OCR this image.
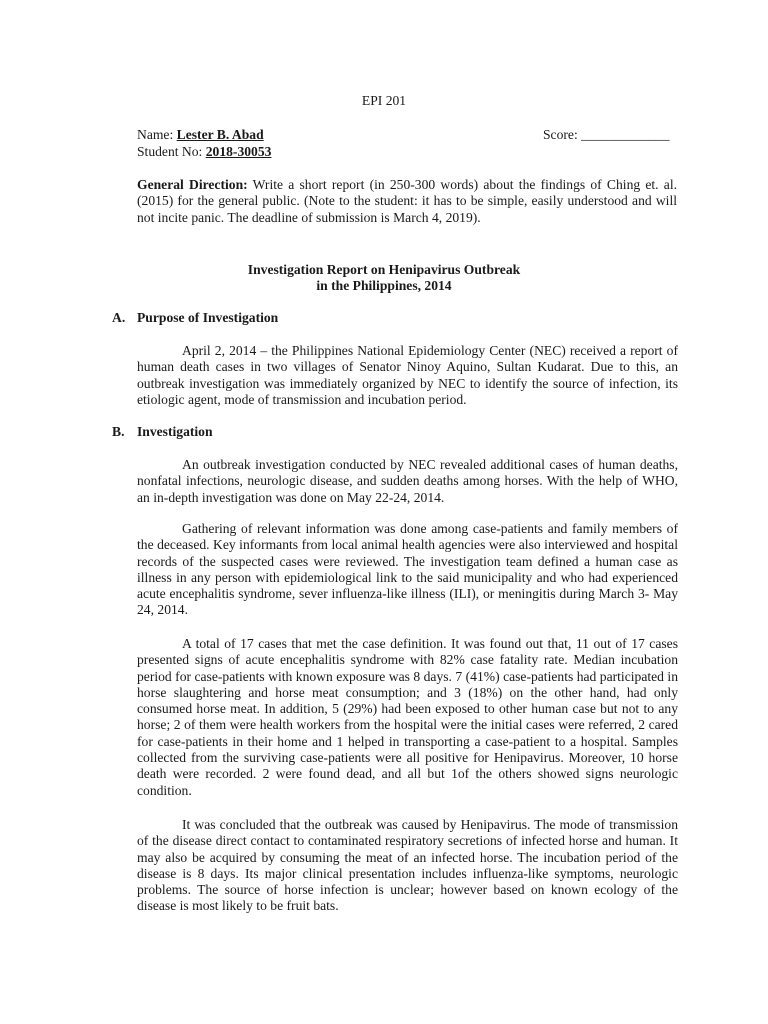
EPI 201
Name: Lester B. Abad	Score: _____________
Student No: 2018-30053
General Direction: Write a short report (in 250-300 words) about the findings of Ching et. al. (2015) for the general public. (Note to the student: it has to be simple, easily understood and will not incite panic. The deadline of submission is March 4, 2019).
Investigation Report on Henipavirus Outbreak
in the Philippines, 2014
A. Purpose of Investigation
April 2, 2014 – the Philippines National Epidemiology Center (NEC) received a report of human death cases in two villages of Senator Ninoy Aquino, Sultan Kudarat. Due to this, an outbreak investigation was immediately organized by NEC to identify the source of infection, its etiologic agent, mode of transmission and incubation period.
B. Investigation
An outbreak investigation conducted by NEC revealed additional cases of human deaths, nonfatal infections, neurologic disease, and sudden deaths among horses. With the help of WHO, an in-depth investigation was done on May 22-24, 2014.
Gathering of relevant information was done among case-patients and family members of the deceased. Key informants from local animal health agencies were also interviewed and hospital records of the suspected cases were reviewed. The investigation team defined a human case as illness in any person with epidemiological link to the said municipality and who had experienced acute encephalitis syndrome, sever influenza-like illness (ILI), or meningitis during March 3- May 24, 2014.
A total of 17 cases that met the case definition. It was found out that, 11 out of 17 cases presented signs of acute encephalitis syndrome with 82% case fatality rate. Median incubation period for case-patients with known exposure was 8 days. 7 (41%) case-patients had participated in horse slaughtering and horse meat consumption; and 3 (18%) on the other hand, had only consumed horse meat. In addition, 5 (29%) had been exposed to other human case but not to any horse; 2 of them were health workers from the hospital were the initial cases were referred, 2 cared for case-patients in their home and 1 helped in transporting a case-patient to a hospital. Samples collected from the surviving case-patients were all positive for Henipavirus. Moreover, 10 horse death were recorded. 2 were found dead, and all but 1of the others showed signs neurologic condition.
It was concluded that the outbreak was caused by Henipavirus. The mode of transmission of the disease direct contact to contaminated respiratory secretions of infected horse and human. It may also be acquired by consuming the meat of an infected horse. The incubation period of the disease is 8 days. Its major clinical presentation includes influenza-like symptoms, neurologic problems. The source of horse infection is unclear; however based on known ecology of the disease is most likely to be fruit bats.
